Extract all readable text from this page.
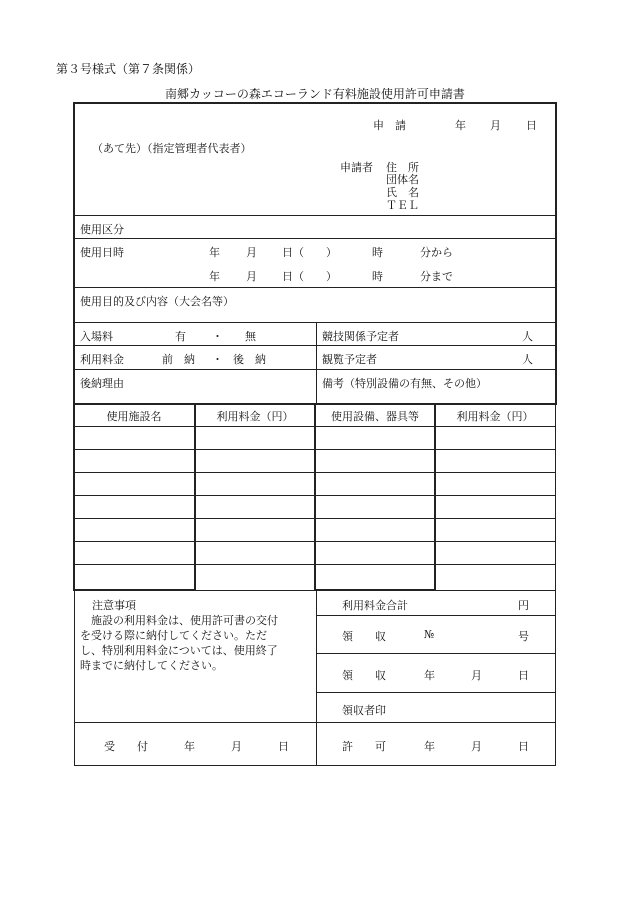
第３号様式（第７条関係）
南郷カッコーの森エコーランド有料施設使用許可申請書
申　請	年 月 日
（あて先）（指定管理者代表者）
申請者 住　所
団体名
氏　名
ＴＥＬ
使用区分
使用日時	年 月 日（　　）	時	分から
年 月 日（　　）	時	分まで
使用目的及び内容（大会名等）
入場料	有 ・ 無	競技関係予定者	人
利用料金	前　納 ・ 後　納	観覧予定者	人
後納理由	備考（特別設備の有無、その他）
使用施設名	利用料金（円）	使用設備、器具等	利用料金（円）
注意事項
　施設の利用料金は、使用許可書の交付
を受ける際に納付してください。ただ
し、特別利用料金については、使用終了
時までに納付してください。
利用料金合計	円
領　　収	№	号
領　　収	年	月	日
領収者印
受　　付	年	月	日	許　　可	年	月	日
